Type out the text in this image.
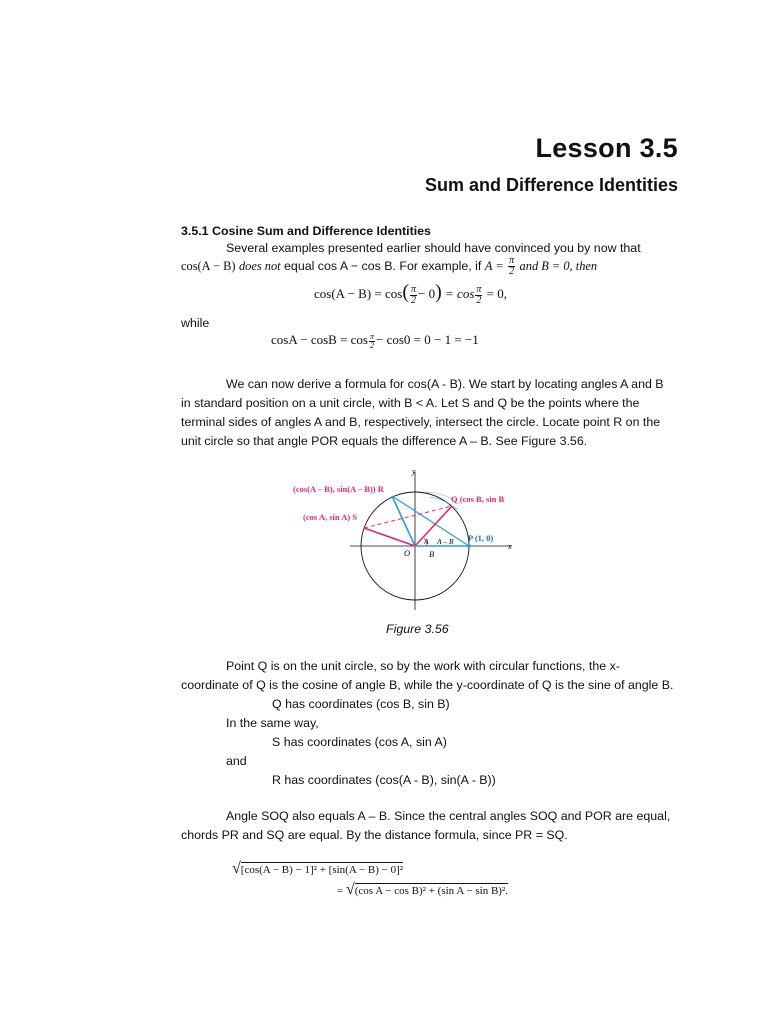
Lesson 3.5
Sum and Difference Identities
3.5.1 Cosine Sum and Difference Identities
Several examples presented earlier should have convinced you by now that
cos(A − B) does not equal cos A − cos B. For example, if $A = \frac{\pi}{2}$ and B = 0, then
$\cos(A - B) = \cos( \frac{\pi}{2} - 0) = \cos \frac{\pi}{2} = 0$,
while
$\cos A - \cos B = \cos \frac{\pi}{2} - \cos 0 = 0 - 1 = -1$
We can now derive a formula for cos(A - B). We start by locating angles A and B
in standard position on a unit circle, with B < A. Let S and Q be the points where the
terminal sides of angles A and B, respectively, intersect the circle. Locate point R on the
unit circle so that angle POR equals the difference A – B. See Figure 3.56.
y
x
(cos(A – B), sin(A – B)) R
Q (cos B, sin B
(cos A, sin A) S
P (1, 0)
O B
A A – B
Figure 3.56
Point Q is on the unit circle, so by the work with circular functions, the x-
coordinate of Q is the cosine of angle B, while the y-coordinate of Q is the sine of angle B.
Q has coordinates (cos B, sin B)
In the same way,
S has coordinates (cos A, sin A)
and
R has coordinates (cos(A - B), sin(A - B))
Angle SOQ also equals A – B. Since the central angles SOQ and POR are equal,
chords PR and SQ are equal. By the distance formula, since PR = SQ.
√[cos(A − B) − 1]² + [sin(A − B) − 0]²
= √(cos A − cos B)² + (sin A − sin B)².
